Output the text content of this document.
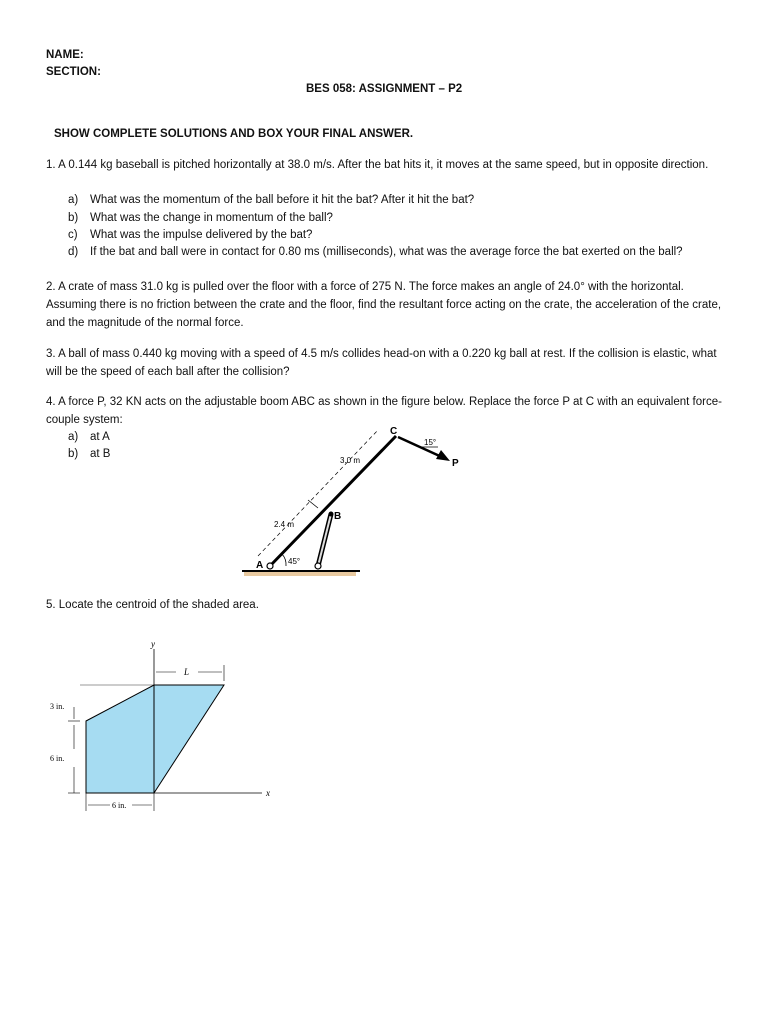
NAME:
SECTION:
BES 058: ASSIGNMENT – P2
SHOW COMPLETE SOLUTIONS AND BOX YOUR FINAL ANSWER.
1. A 0.144 kg baseball is pitched horizontally at 38.0 m/s. After the bat hits it, it moves at the same speed, but in opposite direction.
a) What was the momentum of the ball before it hit the bat? After it hit the bat?
b) What was the change in momentum of the ball?
c) What was the impulse delivered by the bat?
d) If the bat and ball were in contact for 0.80 ms (milliseconds), what was the average force the bat exerted on the ball?
2. A crate of mass 31.0 kg is pulled over the floor with a force of 275 N. The force makes an angle of 24.0° with the horizontal. Assuming there is no friction between the crate and the floor, find the resultant force acting on the crate, the acceleration of the crate, and the magnitude of the normal force.
3. A ball of mass 0.440 kg moving with a speed of 4.5 m/s collides head-on with a 0.220 kg ball at rest. If the collision is elastic, what will be the speed of each ball after the collision?
4. A force P, 32 KN acts on the adjustable boom ABC as shown in the figure below. Replace the force P at C with an equivalent force-couple system:
a) at A
b) at B
A
B
C
P
2.4 m
3.0 m
45°
15°
5. Locate the centroid of the shaded area.
y
x
L
3 in.
6 in.
6 in.
